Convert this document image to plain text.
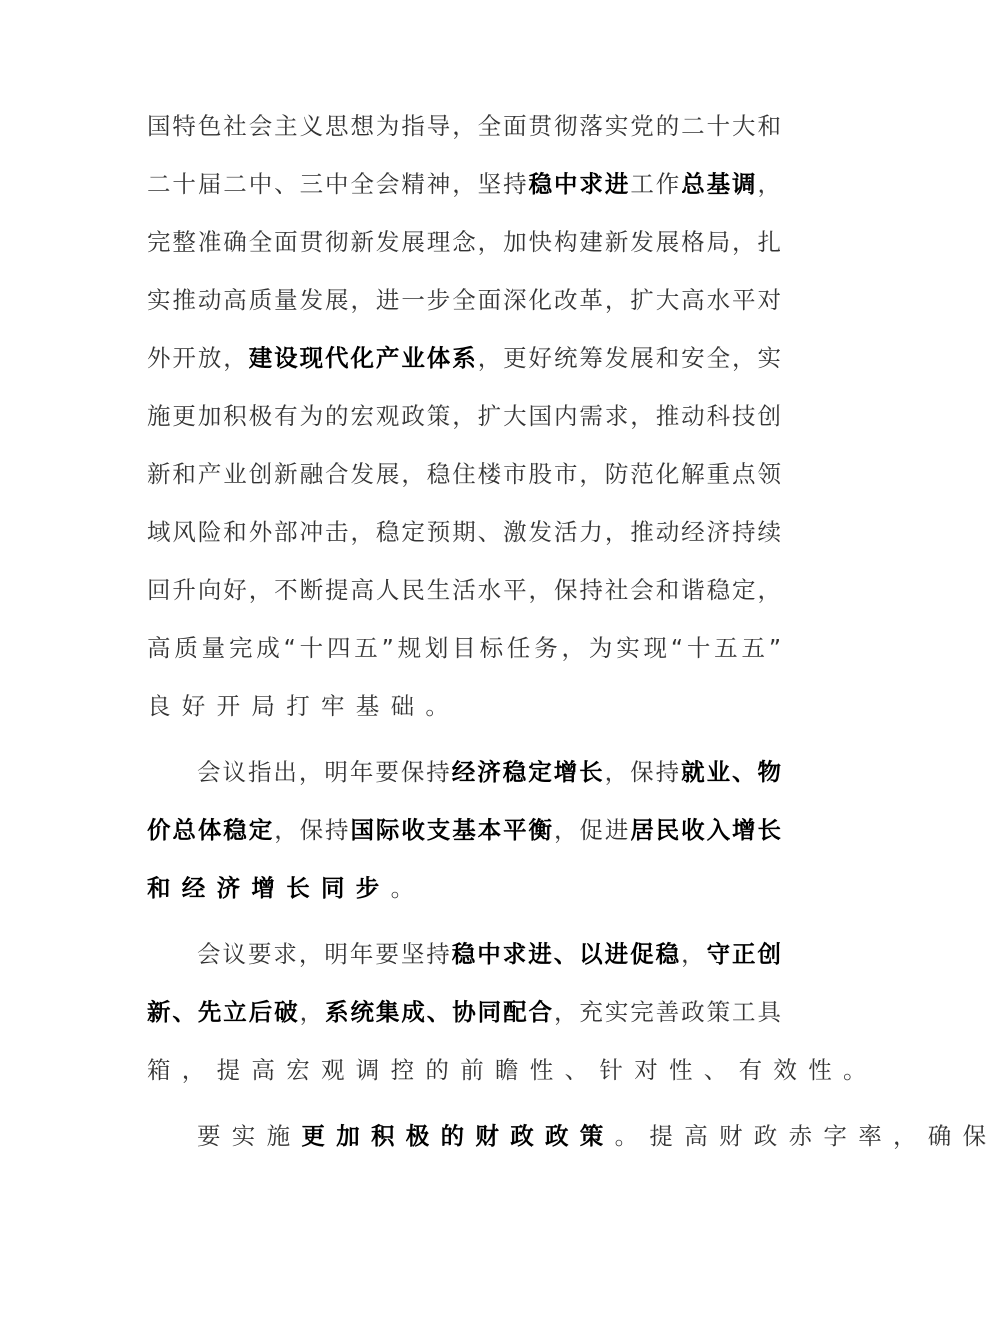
国特色社会主义思想为指导，全面贯彻落实党的二十大和
二十届二中、三中全会精神，坚持稳中求进工作总基调，
完整准确全面贯彻新发展理念，加快构建新发展格局，扎
实推动高质量发展，进一步全面深化改革，扩大高水平对
外开放，建设现代化产业体系，更好统筹发展和安全，实
施更加积极有为的宏观政策，扩大国内需求，推动科技创
新和产业创新融合发展，稳住楼市股市，防范化解重点领
域风险和外部冲击，稳定预期、激发活力，推动经济持续
回升向好，不断提高人民生活水平，保持社会和谐稳定，
高质量完成“十四五”规划目标任务，为实现“十五五”
良好开局打牢基础。
会议指出，明年要保持经济稳定增长，保持就业、物
价总体稳定，保持国际收支基本平衡，促进居民收入增长
和经济增长同步。
会议要求，明年要坚持稳中求进、以进促稳，守正创
新、先立后破，系统集成、协同配合，充实完善政策工具
箱，提高宏观调控的前瞻性、针对性、有效性。
要实施更加积极的财政政策。提高财政赤字率，确保
